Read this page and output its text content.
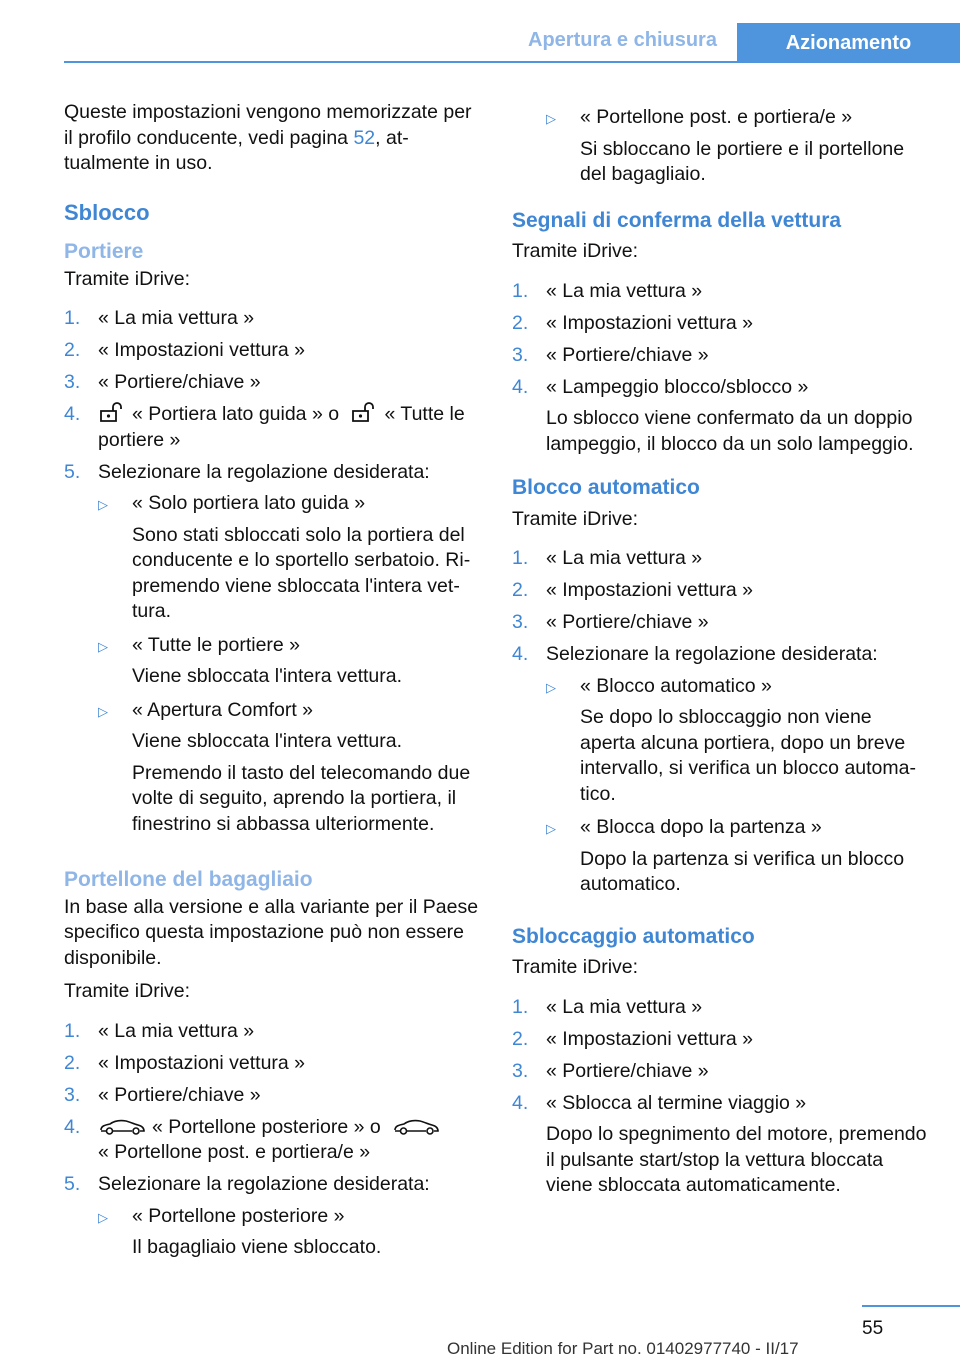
Apertura e chiusura	Azionamento

Queste impostazioni vengono memorizzate per il profilo conducente, vedi pagina 52, attualmente in uso.

Sblocco
Portiere

Tramite iDrive:

1. « La mia vettura »
2. « Impostazioni vettura »
3. « Portiere/chiave »
4.	« Portiera lato guida » o « Tutte le portiere »
5. Selezionare la regolazione desiderata:
▷	« Solo portiera lato guida »
Sono stati sbloccati solo la portiera del conducente e lo sportello serbatoio. Ripremendo viene sbloccata l'intera vettura.
▷	« Tutte le portiere »
Viene sbloccata l'intera vettura.
▷	« Apertura Comfort »
Viene sbloccata l'intera vettura.
Premendo il tasto del telecomando due volte di seguito, aprendo la portiera, il finestrino si abbassa ulteriormente.
Portellone del bagagliaio

In base alla versione e alla variante per il Paese specifico questa impostazione può non essere disponibile.

Tramite iDrive:

1. « La mia vettura »
2. « Impostazioni vettura »
3. « Portiere/chiave »
4.	« Portellone posteriore » o
« Portellone post. e portiera/e »
5. Selezionare la regolazione desiderata:
▷	« Portellone posteriore »
Il bagagliaio viene sbloccato.
▷	« Portellone post. e portiera/e »
Si sbloccano le portiere e il portellone del bagagliaio.
Segnali di conferma della vettura

Tramite iDrive:

1. « La mia vettura »
2. « Impostazioni vettura »
3. « Portiere/chiave »
4. « Lampeggio blocco/sblocco »
Lo sblocco viene confermato da un doppio lampeggio, il blocco da un solo lampeggio.
Blocco automatico

Tramite iDrive:

1. « La mia vettura »
2. « Impostazioni vettura »
3. « Portiere/chiave »
4. Selezionare la regolazione desiderata:
▷	« Blocco automatico »
Se dopo lo sbloccaggio non viene aperta alcuna portiera, dopo un breve intervallo, si verifica un blocco automatico.
▷	« Blocca dopo la partenza »
Dopo la partenza si verifica un blocco automatico.
Sbloccaggio automatico

Tramite iDrive:

1. « La mia vettura »
2. « Impostazioni vettura »
3. « Portiere/chiave »
4. « Sblocca al termine viaggio »
Dopo lo spegnimento del motore, premendo il pulsante start/stop la vettura bloccata viene sbloccata automaticamente.
55
Online Edition for Part no. 01402977740 - II/17
